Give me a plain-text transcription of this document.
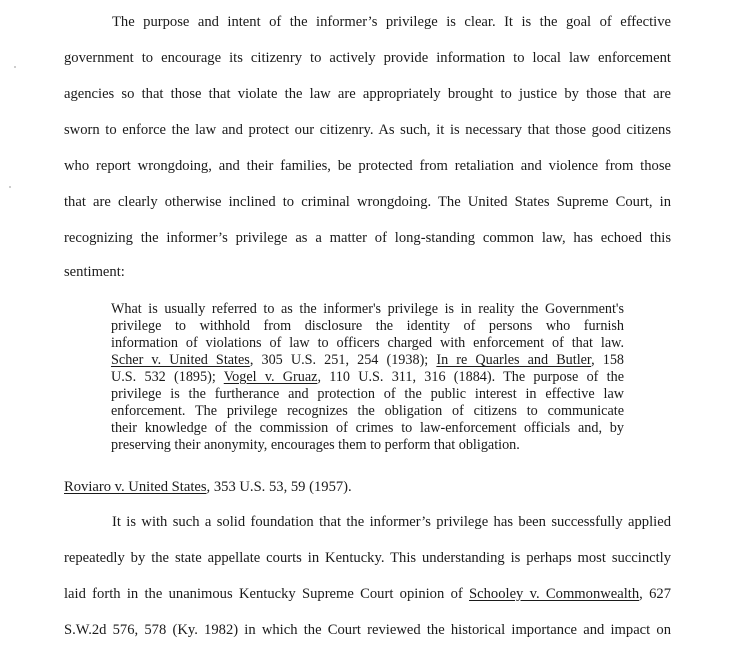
The purpose and intent of the informer’s privilege is clear. It is the goal of effective
government to encourage its citizenry to actively provide information to local law enforcement
agencies so that those that violate the law are appropriately brought to justice by those that are
sworn to enforce the law and protect our citizenry. As such, it is necessary that those good citizens
who report wrongdoing, and their families, be protected from retaliation and violence from those
that are clearly otherwise inclined to criminal wrongdoing. The United States Supreme Court, in
recognizing the informer’s privilege as a matter of long-standing common law, has echoed this
sentiment:
What is usually referred to as the informer's privilege is in reality the Government's
privilege to withhold from disclosure the identity of persons who furnish
information of violations of law to officers charged with enforcement of that law.
Scher v. United States, 305 U.S. 251, 254 (1938); In re Quarles and Butler, 158
U.S. 532 (1895); Vogel v. Gruaz, 110 U.S. 311, 316 (1884). The purpose of the
privilege is the furtherance and protection of the public interest in effective law
enforcement. The privilege recognizes the obligation of citizens to communicate
their knowledge of the commission of crimes to law-enforcement officials and, by
preserving their anonymity, encourages them to perform that obligation.
Roviaro v. United States, 353 U.S. 53, 59 (1957).
It is with such a solid foundation that the informer’s privilege has been successfully applied
repeatedly by the state appellate courts in Kentucky. This understanding is perhaps most succinctly
laid forth in the unanimous Kentucky Supreme Court opinion of Schooley v. Commonwealth, 627
S.W.2d 576, 578 (Ky. 1982) in which the Court reviewed the historical importance and impact on
